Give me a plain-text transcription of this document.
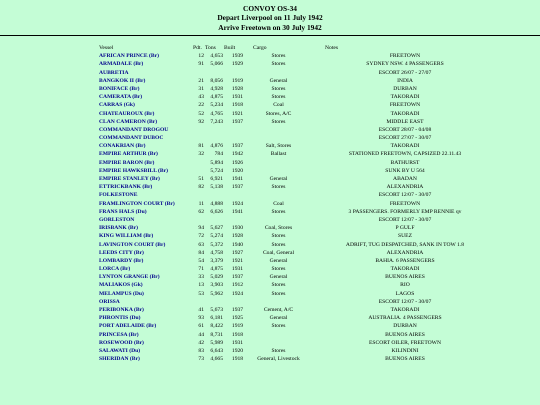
CONVOY OS-34
Depart Liverpool on 11 July 1942
Arrive Freetown on 30 July 1942
Vessel	Pdt.	Tons	Built	Cargo	Notes
AFRICAN PRINCE (Br)	12	4,653	1939	Stores	FREETOWN
ARMADALE (Br)	91	5,066	1929	Stores	SYDNEY NSW. 4 PASSENGERS
AUBRETIA					ESCORT 26/07 - 27/07
BANGKOK II (Br)	21	8,056	1919	General	INDIA
BONIFACE (Br)	31	4,928	1928	Stores	DURBAN
CAMERATA (Br)	43	4,875	1931	Stores	TAKORADI
CARRAS (Gk)	22	5,234	1918	Coal	FREETOWN
CHATEAUROUX (Br)	52	4,765	1921	Stores, A/C	TAKORADI
CLAN CAMERON (Br)	92	7,243	1937	Stores	MIDDLE EAST
COMMANDANT DROGOU					ESCORT 28/07 - 04/08
COMMANDANT DUBOC					ESCORT 27/07 - 30/07
CONAKRIAN (Br)	81	4,876	1937	Salt, Stores	TAKORADI
EMPIRE ARTHUR (Br)	32	784	1942	Ballast	STATIONED FREETOWN, CAPSIZED 22.11.43
EMPIRE BARON (Br)		5,894	1926		BATHURST
EMPIRE HAWKSBILL (Br)		5,724	1920		SUNK BY U 564
EMPIRE STANLEY (Br)	51	6,921	1941	General	ABADAN
ETTRICKBANK (Br)	82	5,138	1937	Stores	ALEXANDRIA
FOLKESTONE					ESCORT 12/07 - 30/07
FRAMLINGTON COURT (Br)	11	4,888	1924	Coal	FREETOWN
FRANS HALS (Du)	62	6,626	1941	Stores	3 PASSENGERS. FORMERLY EMP RENNIE qv
GORLESTON					ESCORT 12/07 - 30/07
IRISBANK (Br)	94	5,627	1930	Coal, Stores	P GULF
KING WILLIAM (Br)	72	5,274	1928	Stores	SUEZ
LAVINGTON COURT (Br)	63	5,372	1940	Stores	ADRIFT, TUG DESPATCHED, SANK IN TOW 1.8
LEEDS CITY (Br)	84	4,758	1927	Coal, General	ALEXANDRIA
LOMBARDY (Br)	54	3,379	1921	General	BAHIA. 6 PASSENGERS
LORCA (Br)	71	4,875	1931	Stores	TAKORADI
LYNTON GRANGE (Br)	33	5,029	1937	General	BUENOS AIRES
MALIAKOS (Gk)	13	3,903	1912	Stores	RIO
MELAMPUS (Du)	53	5,962	1924	Stores	LAGOS
ORISSA					ESCORT 12/07 - 30/07
PERIBONKA (Br)	41	5,673	1937	Cement, A/C	TAKORADI
PHRONTIS (Du)	93	6,181	1925	General	AUSTRALIA. 4 PASSENGERS
PORT ADELAIDE (Br)	61	8,422	1919	Stores	DURBAN
PRINCESA (Br)	44	8,731	1918		BUENOS AIRES
ROSEWOOD (Br)	42	5,989	1931		ESCORT OILER, FREETOWN
SALAWATI (Du)	83	6,643	1920	Stores	KILINDINI
SHERIDAN (Br)	73	4,665	1918	General, Livestock	BUENOS AIRES
